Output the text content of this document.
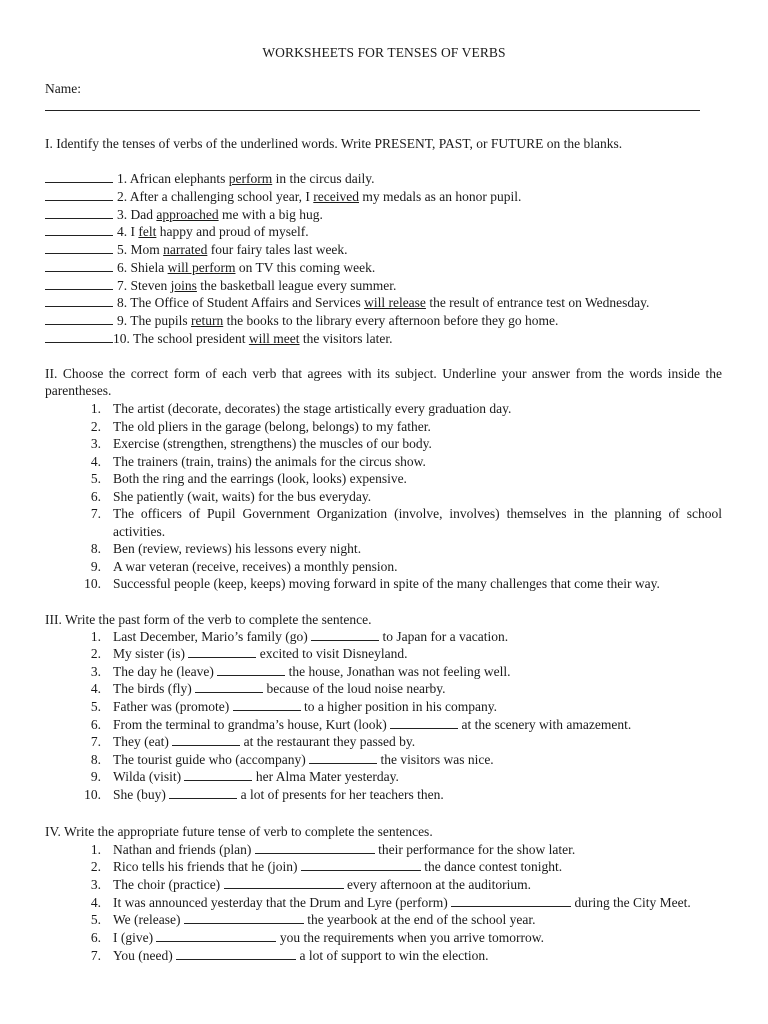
WORKSHEETS FOR TENSES OF VERBS
Name:
I. Identify the tenses of verbs of the underlined words. Write PRESENT, PAST, or FUTURE on the blanks.
1. African elephants perform in the circus daily.
2. After a challenging school year, I received my medals as an honor pupil.
3. Dad approached me with a big hug.
4. I felt happy and proud of myself.
5. Mom narrated four fairy tales last week.
6. Shiela will perform on TV this coming week.
7. Steven joins the basketball league every summer.
8. The Office of Student Affairs and Services will release the result of entrance test on Wednesday.
9. The pupils return the books to the library every afternoon before they go home.
10. The school president will meet the visitors later.
II. Choose the correct form of each verb that agrees with its subject. Underline your answer from the words inside the
parentheses.
1. The artist (decorate, decorates) the stage artistically every graduation day.
2. The old pliers in the garage (belong, belongs) to my father.
3. Exercise (strengthen, strengthens) the muscles of our body.
4. The trainers (train, trains) the animals for the circus show.
5. Both the ring and the earrings (look, looks) expensive.
6. She patiently (wait, waits) for the bus everyday.
7. The officers of Pupil Government Organization (involve, involves) themselves in the planning of school
activities.
8. Ben (review, reviews) his lessons every night.
9. A war veteran (receive, receives) a monthly pension.
10. Successful people (keep, keeps) moving forward in spite of the many challenges that come their way.
III. Write the past form of the verb to complete the sentence.
1. Last December, Mario’s family (go)	to Japan for a vacation.
2. My sister (is)	excited to visit Disneyland.
3. The day he (leave)	the house, Jonathan was not feeling well.
4. The birds (fly)	because of the loud noise nearby.
5. Father was (promote)	to a higher position in his company.
6. From the terminal to grandma’s house, Kurt (look)	at the scenery with amazement.
7. They (eat)	at the restaurant they passed by.
8. The tourist guide who (accompany)	the visitors was nice.
9. Wilda (visit)	her Alma Mater yesterday.
10. She (buy)	a lot of presents for her teachers then.
IV. Write the appropriate future tense of verb to complete the sentences.
1. Nathan and friends (plan)	their performance for the show later.
2. Rico tells his friends that he (join)	the dance contest tonight.
3. The choir (practice)	every afternoon at the auditorium.
4. It was announced yesterday that the Drum and Lyre (perform)	during the City Meet.
5. We (release)	the yearbook at the end of the school year.
6. I (give)	you the requirements when you arrive tomorrow.
7. You (need)	a lot of support to win the election.
